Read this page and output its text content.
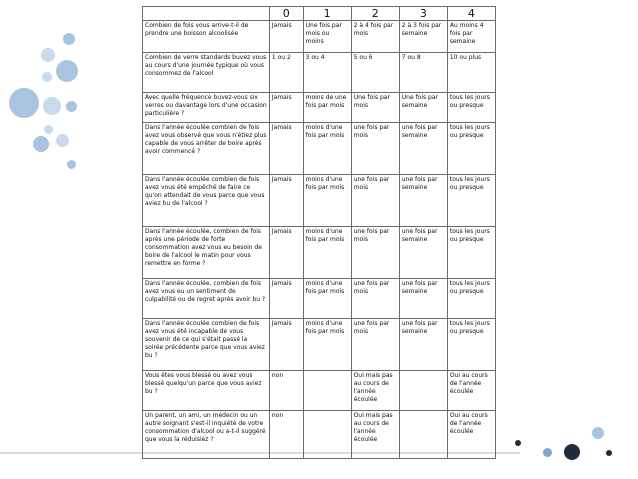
	0	1	2	3	4
Combien de fois vous arrive-t-il de prendre une boisson alcoolisée	Jamais	Une fois par mois ou moins	2 à 4 fois par mois	2 à 3 fois par semaine	Au moins 4 fois par semaine
Combien de verre standards buvez vous au cours d'une journée typique où vous consommez de l'alcool	1 ou 2	3 ou 4	5 ou 6	7 ou 8	10 ou plus
Avec quelle fréquence buvez-vous six verres ou davantage lors d'une occasion particulière ?	Jamais	moins de une fois par mois	Une fois par mois	Une fois par semaine	tous les jours ou presque
Dans l'année écoulée combien de fois avez vous observé que vous n'étiez plus capable de vous arrêter de boire après avoir commencé ?	Jamais	moins d'une fois par mois	une fois par mois	une fois par semaine	tous les jours ou presque
Dans l'année écoulée combien de fois avez vous été empêché de faire ce qu'on attendait de vous parce que vous aviez bu de l'alcool ?	Jamais	moins d'une fois par mois	une fois par mois	une fois par semaine	tous les jours ou presque
Dans l'année écoulée, combien de fois après une période de forte consommation avez vous eu besoin de boire de l'alcool le matin pour vous remettre en forme ?	Jamais	moins d'une fois par mois	une fois par mois	une fois par semaine	tous les jours ou presque
Dans l'année écoulée, combien de fois avez vous eu un sentiment de culpabilité ou de regret après avoir bu ?	Jamais	moins d'une fois par mois	une fois par mois	une fois par semaine	tous les jours ou presque
Dans l'année écoulée combien de fois avez vous été incapable de vous souvenir de ce qui s'était passé la soirée précédente parce que vous aviez bu ?	Jamais	moins d'une fois par mois	une fois par mois	une fois par semaine	tous les jours ou presque
Vous êtes vous blessé ou avez vous blessé quelqu'un parce que vous aviez bu ?	non		Oui mais pas au cours de l'année écoulée		Oui au cours de l'année écoulée
Un parent, un ami, un médecin ou un autre soignant s'est-il inquiété de votre consommation d'alcool ou a-t-il suggéré que vous la réduisiez ?	non		Oui mais pas au cours de l'année écoulée		Oui au cours de l'année écoulée
